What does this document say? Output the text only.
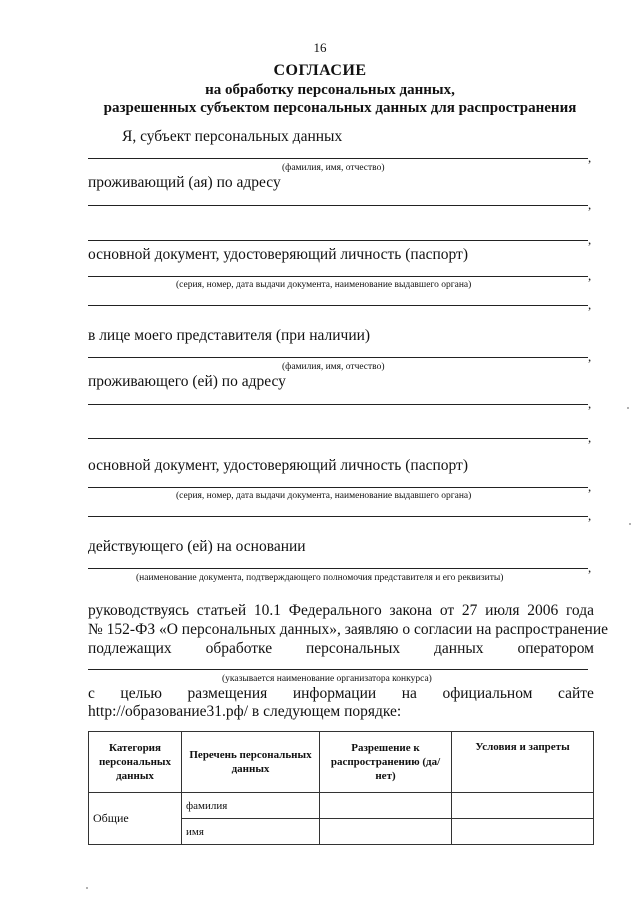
16
СОГЛАСИЕ
на обработку персональных данных,
разрешенных субъектом персональных данных для распространения
Я, субъект персональных данных
,
(фамилия, имя, отчество)
проживающий (ая) по адресу
,
,
основной документ, удостоверяющий личность (паспорт)
,
(серия, номер, дата выдачи документа, наименование выдавшего органа)
,
в лице моего представителя (при наличии)
,
(фамилия, имя, отчество)
проживающего (ей) по адресу
,
,
основной документ, удостоверяющий личность (паспорт)
,
(серия, номер, дата выдачи документа, наименование выдавшего органа)
,
действующего (ей) на основании
,
(наименование документа, подтверждающего полномочия представителя и его реквизиты)
руководствуясь статьей 10.1 Федерального закона от 27 июля 2006 года
№ 152-ФЗ «О персональных данных», заявляю о согласии на распространение
подлежащих обработке персональных данных оператором
(указывается наименование организатора конкурса)
с целью размещения информации на официальном сайте
http://образование31.рф/ в следующем порядке:
Категория персональных данных	Перечень персональных данных	Разрешение к распространению (да/нет)	Условия и запреты
Общие	фамилия		
	имя		
